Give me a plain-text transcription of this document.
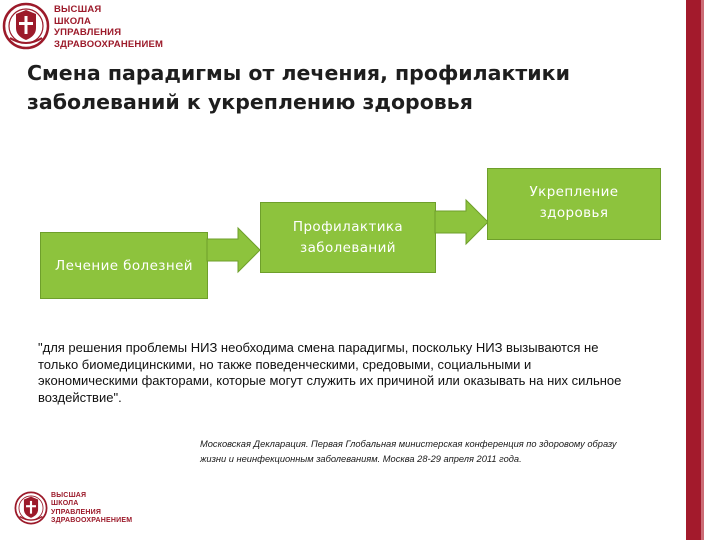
ВЫСШАЯ
ШКОЛА
УПРАВЛЕНИЯ
ЗДРАВООХРАНЕНИЕМ
Смена парадигмы от лечения, профилактики
заболеваний к укреплению здоровья
Лечение болезней
Профилактика
заболеваний
Укрепление
здоровья

"для решения проблемы НИЗ необходима смена парадигмы, поскольку НИЗ вызываются не
только биомедицинскими, но также поведенческими, средовыми, социальными и
экономическими факторами, которые могут служить их причиной или оказывать на них сильное
воздействие".

Московская Декларация. Первая Глобальная министерская конференция по здоровому образу
жизни и неинфекционным заболеваниям. Москва 28-29 апреля 2011 года.

ВЫСШАЯ
ШКОЛА
УПРАВЛЕНИЯ
ЗДРАВООХРАНЕНИЕМ
